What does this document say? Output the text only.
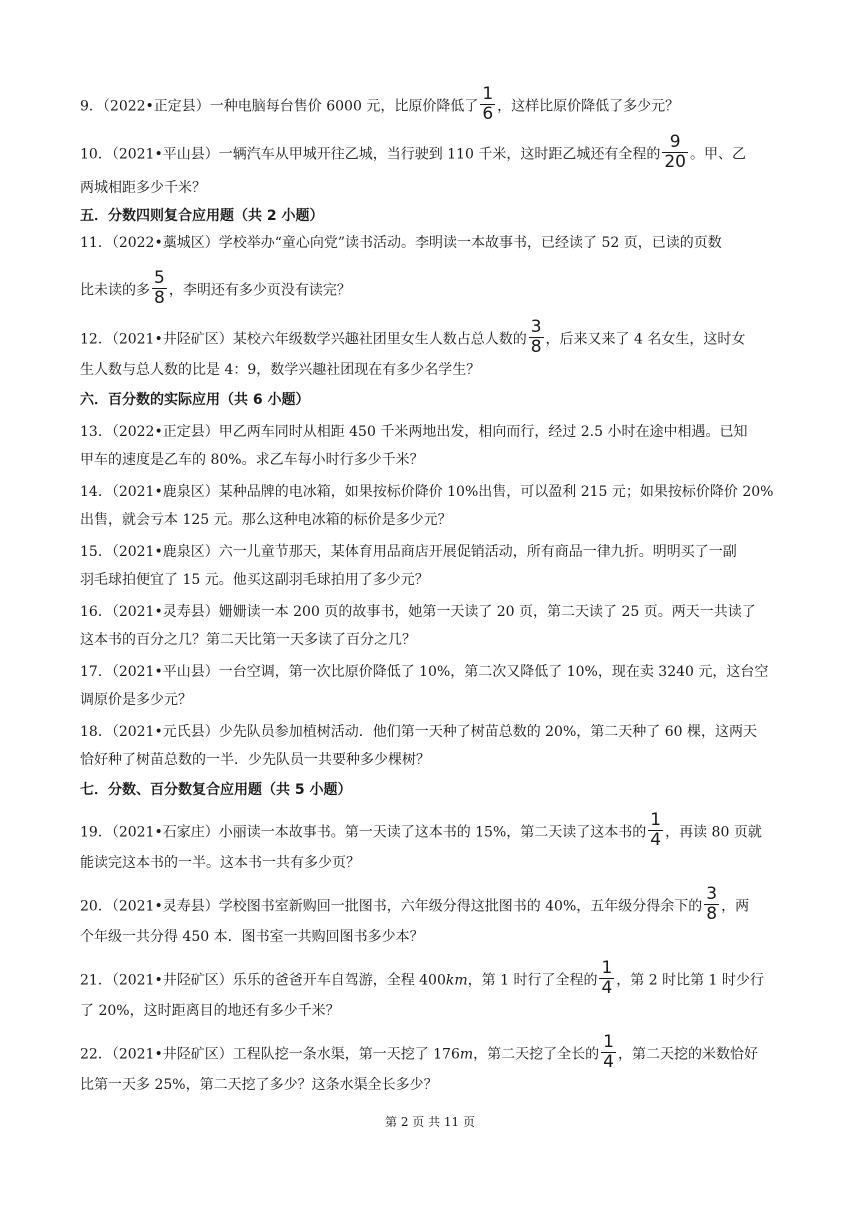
9．（2022•正定县）一种电脑每台售价 6000 元，比原价降低了 $\frac{1}{6}$ ，这样比原价降低了多少元？
10．（2021•平山县）一辆汽车从甲城开往乙城，当行驶到 110 千米，这时距乙城还有全程的 $\frac{9}{20}$ 。甲、乙
两城相距多少千米？
五．分数四则复合应用题（共 2 小题）
11．（2022•藁城区）学校举办“童心向党”读书活动。李明读一本故事书，已经读了 52 页，已读的页数
比未读的多 $\frac{5}{8}$ ，李明还有多少页没有读完？
12．（2021•井陉矿区）某校六年级数学兴趣社团里女生人数占总人数的 $\frac{3}{8}$ ，后来又来了 4 名女生，这时女
生人数与总人数的比是 4：9，数学兴趣社团现在有多少名学生？
六．百分数的实际应用（共 6 小题）
13．（2022•正定县）甲乙两车同时从相距 450 千米两地出发，相向而行，经过 2.5 小时在途中相遇。已知
甲车的速度是乙车的 80%。求乙车每小时行多少千米？
14．（2021•鹿泉区）某种品牌的电冰箱，如果按标价降价 10%出售，可以盈利 215 元；如果按标价降价 20%
出售，就会亏本 125 元。那么这种电冰箱的标价是多少元？
15．（2021•鹿泉区）六一儿童节那天，某体育用品商店开展促销活动，所有商品一律九折。明明买了一副
羽毛球拍便宜了 15 元。他买这副羽毛球拍用了多少元？
16．（2021•灵寿县）姗姗读一本 200 页的故事书，她第一天读了 20 页，第二天读了 25 页。两天一共读了
这本书的百分之几？第二天比第一天多读了百分之几？
17．（2021•平山县）一台空调，第一次比原价降低了 10%，第二次又降低了 10%，现在卖 3240 元，这台空
调原价是多少元？
18．（2021•元氏县）少先队员参加植树活动．他们第一天种了树苗总数的 20%，第二天种了 60 棵，这两天
恰好种了树苗总数的一半．少先队员一共要种多少棵树？
七．分数、百分数复合应用题（共 5 小题）
19．（2021•石家庄）小丽读一本故事书。第一天读了这本书的 15%，第二天读了这本书的 $\frac{1}{4}$ ，再读 80 页就
能读完这本书的一半。这本书一共有多少页？
20．（2021•灵寿县）学校图书室新购回一批图书，六年级分得这批图书的 40%，五年级分得余下的 $\frac{3}{8}$ ，两
个年级一共分得 450 本．图书室一共购回图书多少本？
21．（2021•井陉矿区）乐乐的爸爸开车自驾游，全程 400km，第 1 时行了全程的 $\frac{1}{4}$ ，第 2 时比第 1 时少行
了 20%，这时距离目的地还有多少千米？
22．（2021•井陉矿区）工程队挖一条水渠，第一天挖了 176m，第二天挖了全长的 $\frac{1}{4}$ ，第二天挖的米数恰好
比第一天多 25%，第二天挖了多少？这条水渠全长多少？
第 2 页 共 11 页
